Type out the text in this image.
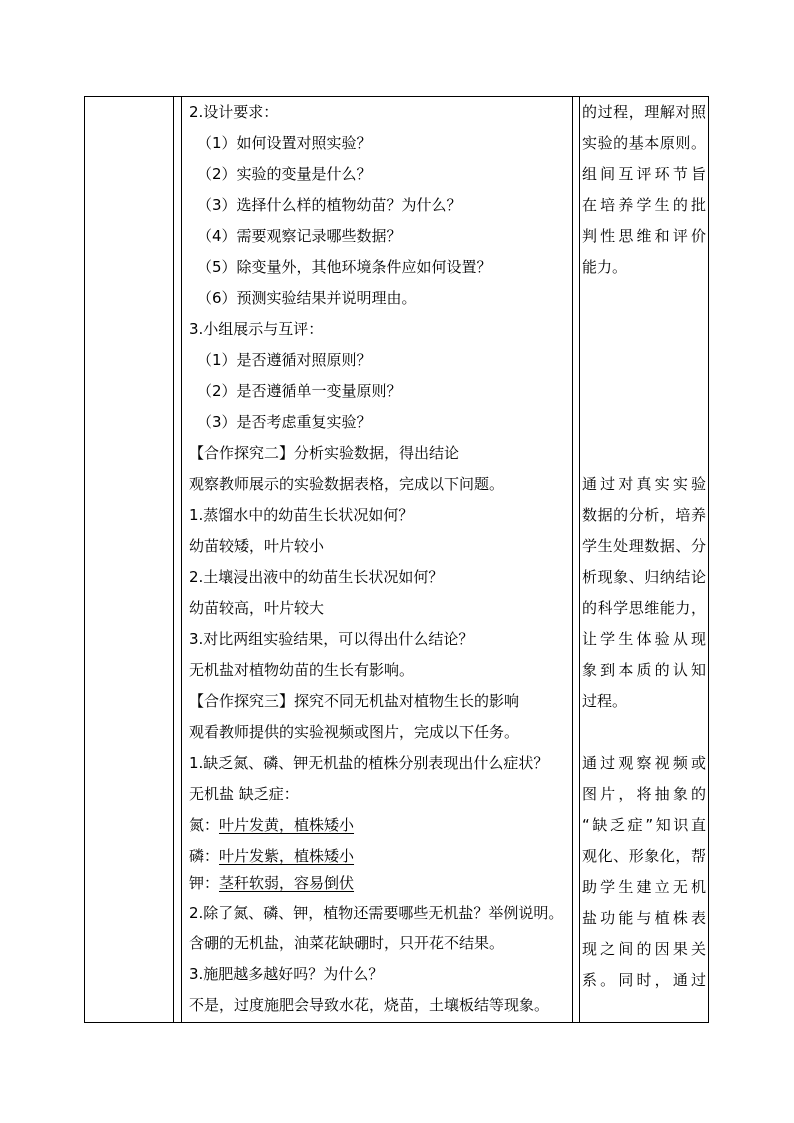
2.设计要求：
（1）如何设置对照实验？
（2）实验的变量是什么？
（3）选择什么样的植物幼苗？为什么？
（4）需要观察记录哪些数据？
（5）除变量外，其他环境条件应如何设置？
（6）预测实验结果并说明理由。
3.小组展示与互评：
（1）是否遵循对照原则？
（2）是否遵循单一变量原则？
（3）是否考虑重复实验？
【合作探究二】分析实验数据，得出结论
观察教师展示的实验数据表格，完成以下问题。
1.蒸馏水中的幼苗生长状况如何？
幼苗较矮，叶片较小
2.土壤浸出液中的幼苗生长状况如何？
幼苗较高，叶片较大
3.对比两组实验结果，可以得出什么结论？
无机盐对植物幼苗的生长有影响。
【合作探究三】探究不同无机盐对植物生长的影响
观看教师提供的实验视频或图片，完成以下任务。
1.缺乏氮、磷、钾无机盐的植株分别表现出什么症状？
无机盐 缺乏症：
氮：叶片发黄，植株矮小
磷：叶片发紫，植株矮小
钾：茎秆软弱，容易倒伏
2.除了氮、磷、钾，植物还需要哪些无机盐？举例说明。
含硼的无机盐，油菜花缺硼时，只开花不结果。
3.施肥越多越好吗？为什么？
不是，过度施肥会导致水花，烧苗，土壤板结等现象。
的过程，理解对照
实验的基本原则。
组间互评环节旨
在培养学生的批
判性思维和评价
能力。
通过对真实实验
数据的分析，培养
学生处理数据、分
析现象、归纳结论
的科学思维能力，
让学生体验从现
象到本质的认知
过程。
通过观察视频或
图片，将抽象的
“缺乏症”知识直
观化、形象化，帮
助学生建立无机
盐功能与植株表
现之间的因果关
系。同时，通过
